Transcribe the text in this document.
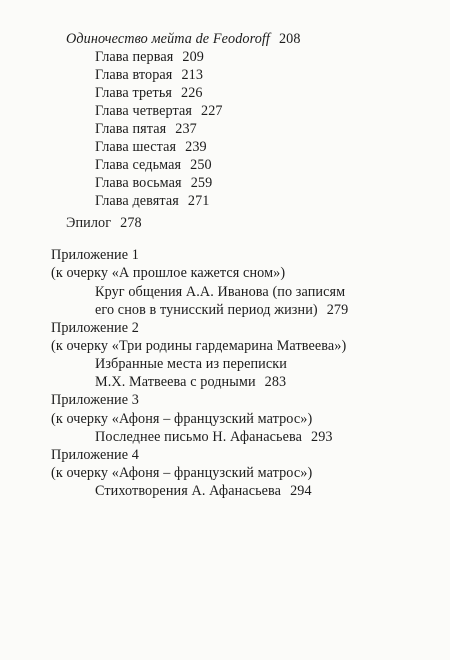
Одиночество мейта de Feodoroff 208
Глава первая 209
Глава вторая 213
Глава третья 226
Глава четвертая 227
Глава пятая 237
Глава шестая 239
Глава седьмая 250
Глава восьмая 259
Глава девятая 271
Эпилог 278
Приложение 1
(к очерку «А прошлое кажется сном»)
Круг общения А.А. Иванова (по записям
его снов в тунисский период жизни) 279
Приложение 2
(к очерку «Три родины гардемарина Матвеева»)
Избранные места из переписки
М.Х. Матвеева с родными 283
Приложение 3
(к очерку «Афоня – французский матрос»)
Последнее письмо Н. Афанасьева 293
Приложение 4
(к очерку «Афоня – французский матрос»)
Стихотворения А. Афанасьева 294
